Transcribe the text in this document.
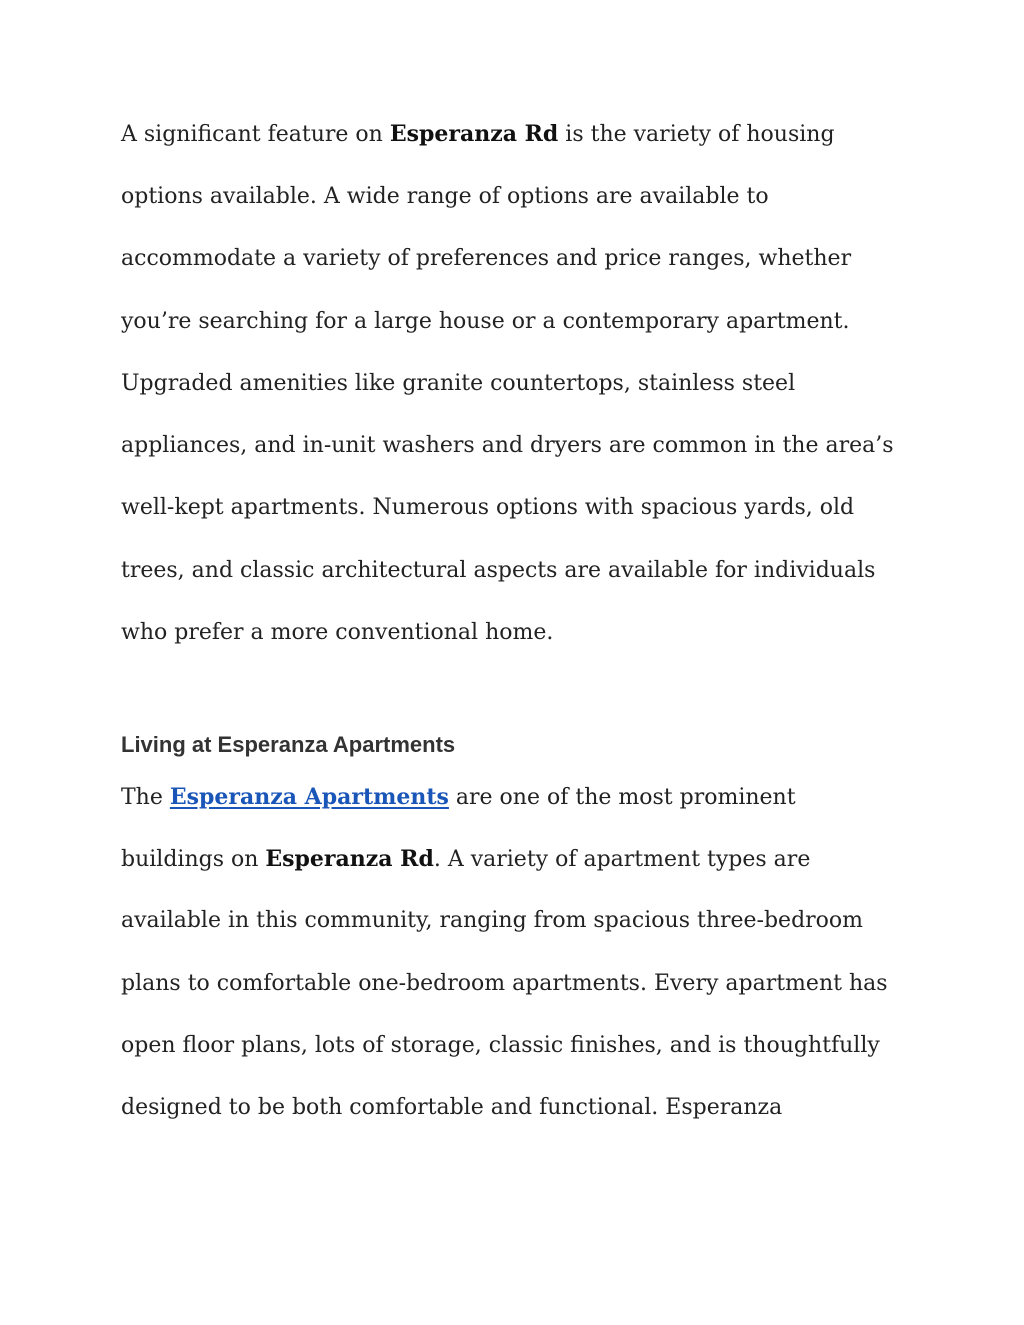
A significant feature on Esperanza Rd is the variety of housing
options available. A wide range of options are available to
accommodate a variety of preferences and price ranges, whether
you’re searching for a large house or a contemporary apartment.
Upgraded amenities like granite countertops, stainless steel
appliances, and in-unit washers and dryers are common in the area’s
well-kept apartments. Numerous options with spacious yards, old
trees, and classic architectural aspects are available for individuals
who prefer a more conventional home.
Living at Esperanza Apartments
The Esperanza Apartments are one of the most prominent
buildings on Esperanza Rd. A variety of apartment types are
available in this community, ranging from spacious three-bedroom
plans to comfortable one-bedroom apartments. Every apartment has
open floor plans, lots of storage, classic finishes, and is thoughtfully
designed to be both comfortable and functional. Esperanza
